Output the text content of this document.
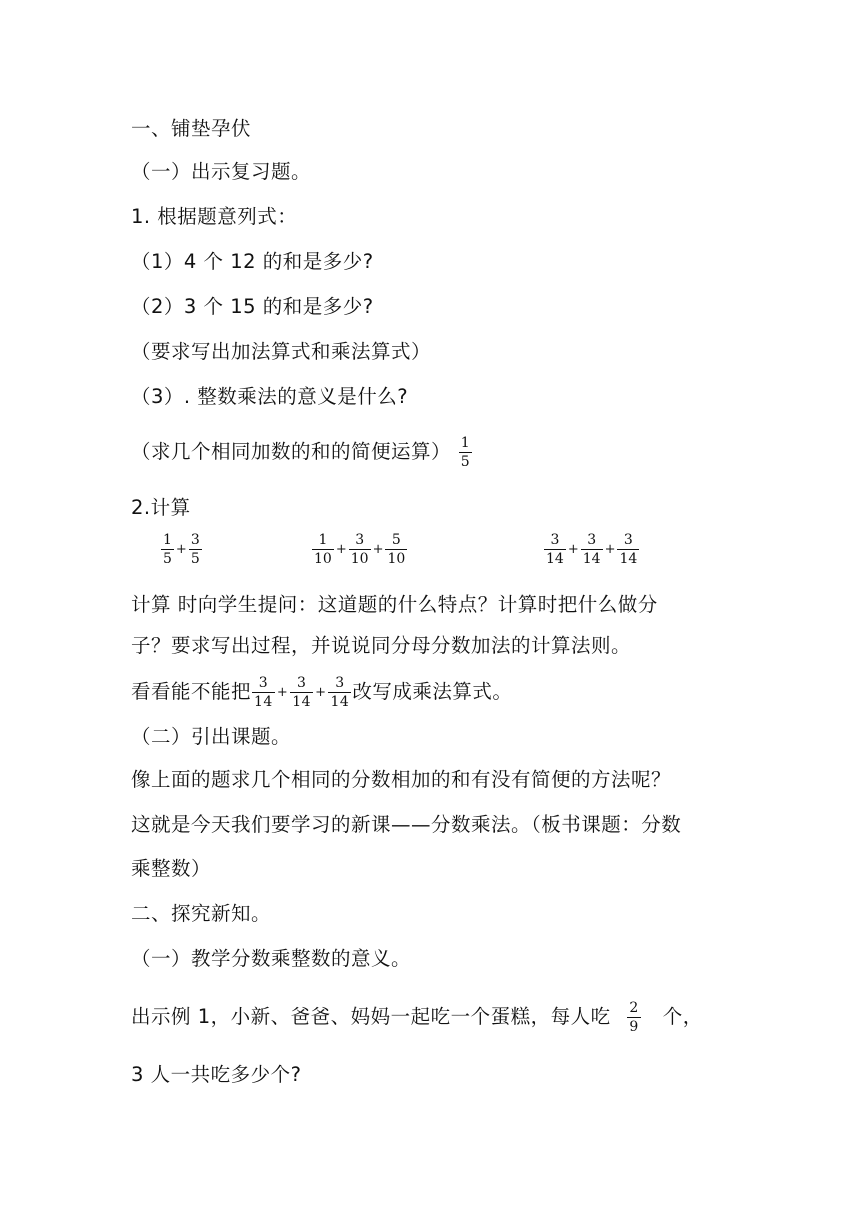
一、铺垫孕伏
（一）出示复习题。
1. 根据题意列式：
（1）4 个 12 的和是多少?
（2）3 个 15 的和是多少?
（要求写出加法算式和乘法算式）
（3）. 整数乘法的意义是什么?
（求几个相同加数的和的简便运算） $\frac{1}{5}$
2.计算
$\frac{1}{5} + \frac{3}{5}$	$\frac{1}{10} + \frac{3}{10} + \frac{5}{10}$	$\frac{3}{14} + \frac{3}{14} + \frac{3}{14}$
计算 时向学生提问：这道题的什么特点？计算时把什么做分
子？要求写出过程，并说说同分母分数加法的计算法则。
看看能不能把 $\frac{3}{14} + \frac{3}{14} + \frac{3}{14}$ 改写成乘法算式。
（二）引出课题。
像上面的题求几个相同的分数相加的和有没有简便的方法呢？
这就是今天我们要学习的新课——分数乘法。（板书课题：分数
乘整数）
二、探究新知。
（一）教学分数乘整数的意义。
出示例 1，小新、爸爸、妈妈一起吃一个蛋糕，每人吃 $\frac{2}{9}$ 个，
3 人一共吃多少个?
